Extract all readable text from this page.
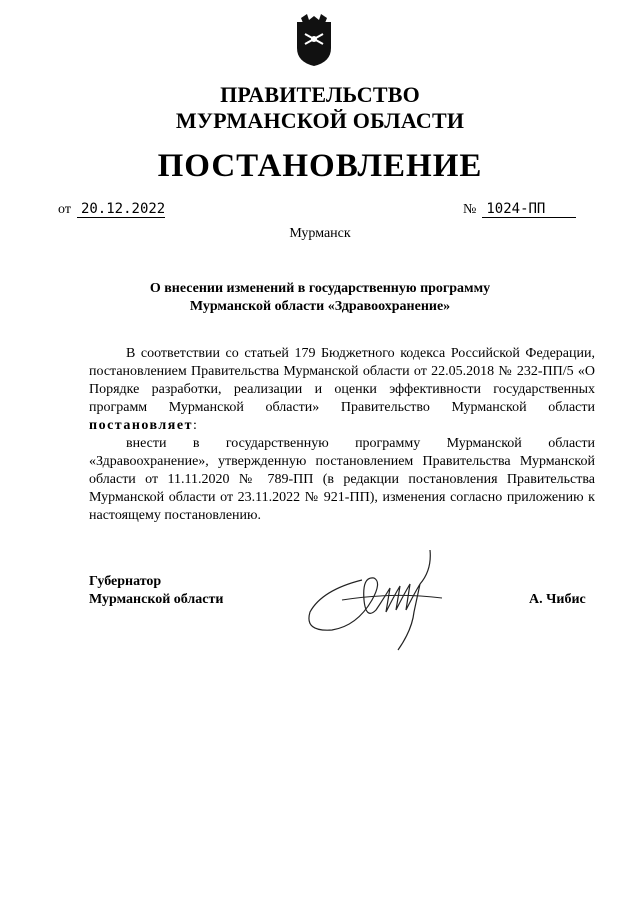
ПРАВИТЕЛЬСТВО
МУРМАНСКОЙ ОБЛАСТИ
ПОСТАНОВЛЕНИЕ
от 20.12.2022	№ 1024-ПП
Мурманск
О внесении изменений в государственную программу
Мурманской области «Здравоохранение»

В соответствии со статьей 179 Бюджетного кодекса Российской Федерации, постановлением Правительства Мурманской области от 22.05.2018 № 232-ПП/5 «О Порядке разработки, реализации и оценки эффективности государственных программ Мурманской области» Правительство Мурманской области постановляет:

внести в государственную программу Мурманской области «Здравоохранение», утвержденную постановлением Правительства Мурманской области от 11.11.2020 № 789-ПП (в редакции постановления Правительства Мурманской области от 23.11.2022 № 921-ПП), изменения согласно приложению к настоящему постановлению.

Губернатор
Мурманской области	А. Чибис
